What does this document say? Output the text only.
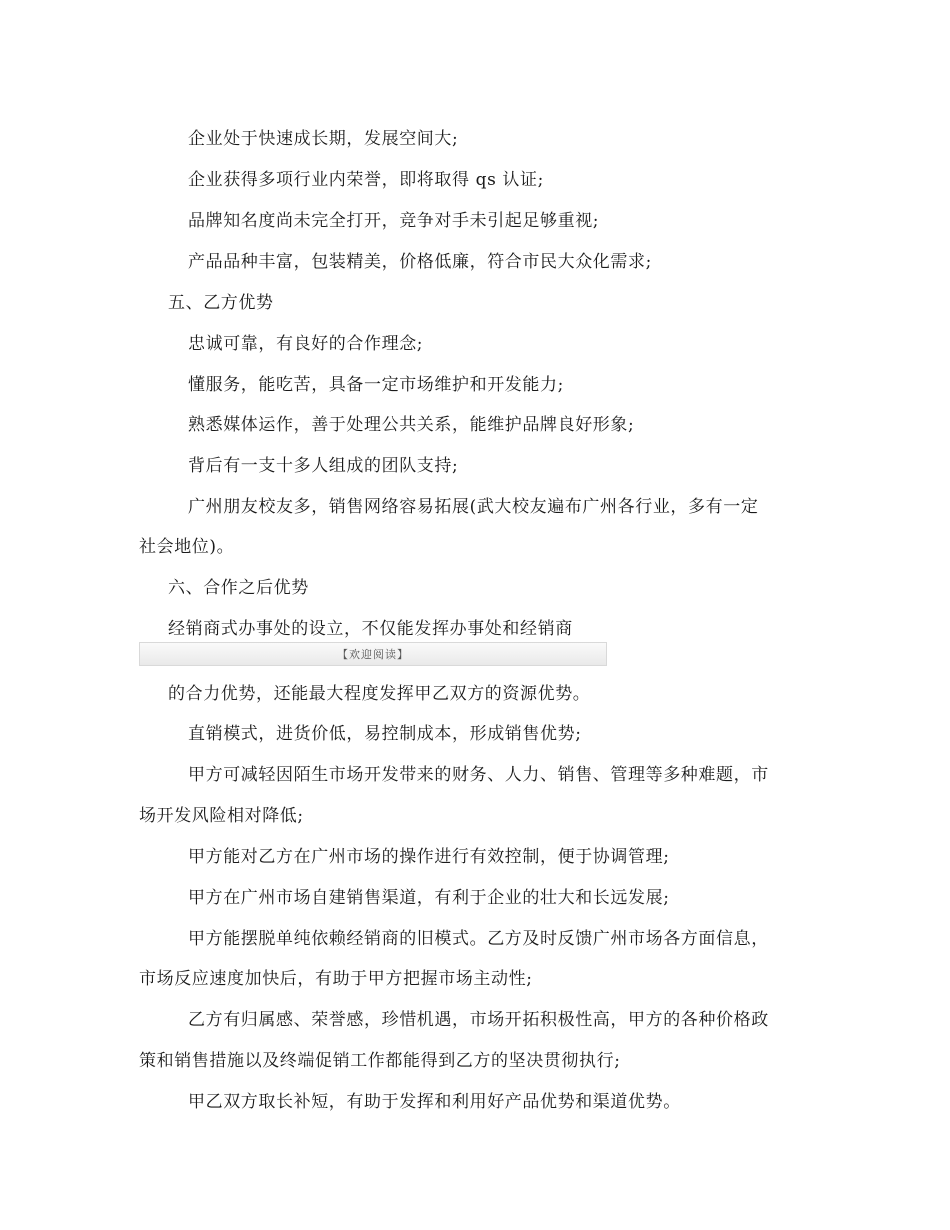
企业处于快速成长期，发展空间大;
企业获得多项行业内荣誉，即将取得 qs 认证;
品牌知名度尚未完全打开，竞争对手未引起足够重视;
产品品种丰富，包装精美，价格低廉，符合市民大众化需求;
五、乙方优势
忠诚可靠，有良好的合作理念;
懂服务，能吃苦，具备一定市场维护和开发能力;
熟悉媒体运作，善于处理公共关系，能维护品牌良好形象;
背后有一支十多人组成的团队支持;
广州朋友校友多，销售网络容易拓展(武大校友遍布广州各行业，多有一定
社会地位)。
六、合作之后优势
经销商式办事处的设立，不仅能发挥办事处和经销商
【欢迎阅读】
的合力优势，还能最大程度发挥甲乙双方的资源优势。
直销模式，进货价低，易控制成本，形成销售优势;
甲方可减轻因陌生市场开发带来的财务、人力、销售、管理等多种难题，市
场开发风险相对降低;
甲方能对乙方在广州市场的操作进行有效控制，便于协调管理;
甲方在广州市场自建销售渠道，有利于企业的壮大和长远发展;
甲方能摆脱单纯依赖经销商的旧模式。乙方及时反馈广州市场各方面信息，
市场反应速度加快后，有助于甲方把握市场主动性;
乙方有归属感、荣誉感，珍惜机遇，市场开拓积极性高，甲方的各种价格政
策和销售措施以及终端促销工作都能得到乙方的坚决贯彻执行;
甲乙双方取长补短，有助于发挥和利用好产品优势和渠道优势。
